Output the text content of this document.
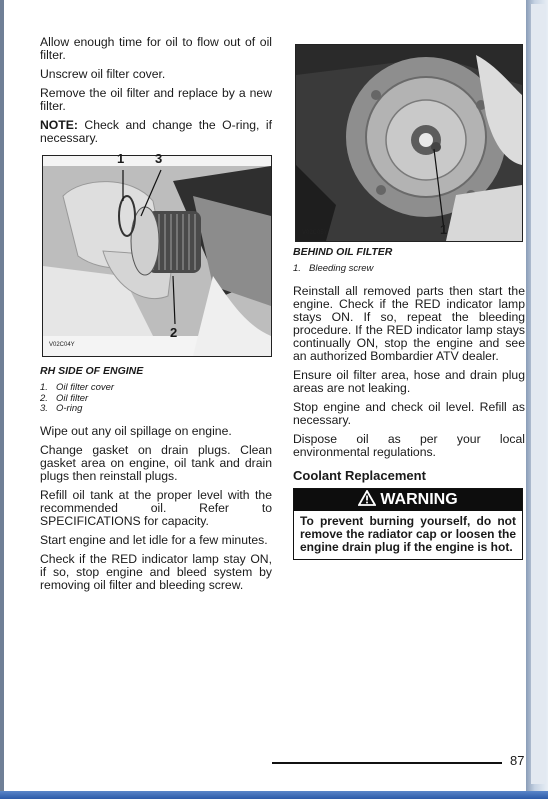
Allow enough time for oil to flow out of oil filter.

Unscrew oil filter cover.

Remove the oil filter and replace by a new filter.

NOTE: Check and change the O-ring, if necessary.

1 3
2
V02C04Y

RH SIDE OF ENGINE

1. Oil filter cover
2. Oil filter
3. O-ring

Wipe out any oil spillage on engine.

Change gasket on drain plugs. Clean gasket area on engine, oil tank and drain plugs then reinstall plugs.

Refill oil tank at the proper level with the recommended oil. Refer to SPECIFICATIONS for capacity.

Start engine and let idle for a few minutes.

Check if the RED indicator lamp stay ON, if so, stop engine and bleed system by removing oil filter and bleeding screw.

1
V02C05Y

BEHIND OIL FILTER

1. Bleeding screw

Reinstall all removed parts then start the engine. Check if the RED indicator lamp stays ON. If so, repeat the bleeding procedure. If the RED indicator lamp stays continually ON, stop the engine and see an authorized Bombardier ATV dealer.

Ensure oil filter area, hose and drain plug areas are not leaking.

Stop engine and check oil level. Refill as necessary.

Dispose oil as per your local environmental regulations.

Coolant Replacement
WARNING
To prevent burning yourself, do not remove the radiator cap or loosen the engine drain plug if the engine is hot.
87
